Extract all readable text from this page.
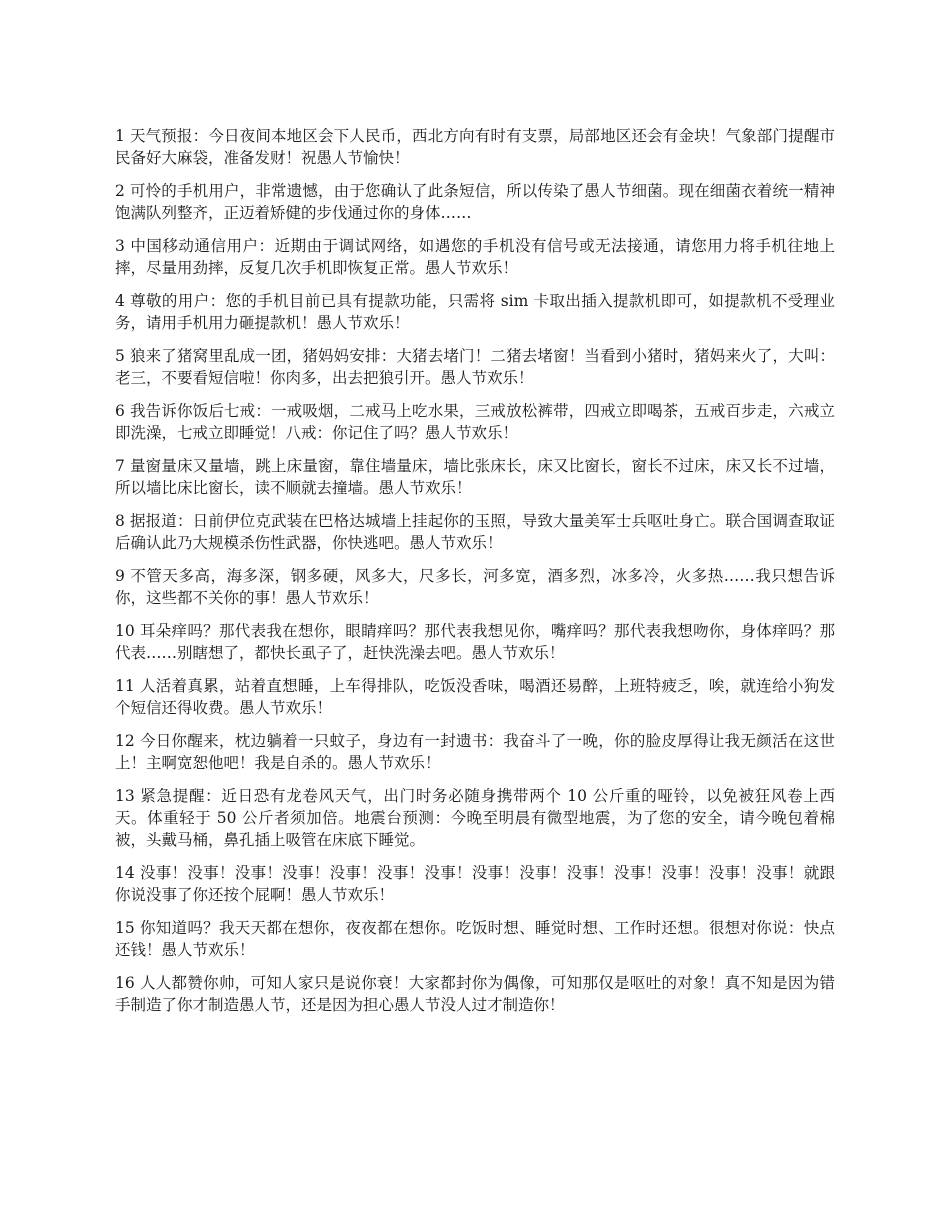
1 天气预报：今日夜间本地区会下人民币，西北方向有时有支票，局部地区还会有金块！气象部门提醒市民备好大麻袋，准备发财！祝愚人节愉快！

2 可怜的手机用户，非常遗憾，由于您确认了此条短信，所以传染了愚人节细菌。现在细菌衣着统一精神饱满队列整齐，正迈着矫健的步伐通过你的身体……

3 中国移动通信用户：近期由于调试网络，如遇您的手机没有信号或无法接通，请您用力将手机往地上摔，尽量用劲摔，反复几次手机即恢复正常。愚人节欢乐！

4 尊敬的用户：您的手机目前已具有提款功能，只需将 sim 卡取出插入提款机即可，如提款机不受理业务，请用手机用力砸提款机！愚人节欢乐！

5 狼来了猪窝里乱成一团，猪妈妈安排：大猪去堵门！二猪去堵窗！当看到小猪时，猪妈来火了，大叫：老三，不要看短信啦！你肉多，出去把狼引开。愚人节欢乐！

6 我告诉你饭后七戒：一戒吸烟，二戒马上吃水果，三戒放松裤带，四戒立即喝茶，五戒百步走，六戒立即洗澡，七戒立即睡觉！八戒：你记住了吗？愚人节欢乐！

7 量窗量床又量墙，跳上床量窗，靠住墙量床，墙比张床长，床又比窗长，窗长不过床，床又长不过墙，所以墙比床比窗长，读不顺就去撞墙。愚人节欢乐！

8 据报道：日前伊位克武装在巴格达城墙上挂起你的玉照，导致大量美军士兵呕吐身亡。联合国调查取证后确认此乃大规模杀伤性武器，你快逃吧。愚人节欢乐！

9 不管天多高，海多深，钢多硬，风多大，尺多长，河多宽，酒多烈，冰多冷，火多热……我只想告诉你，这些都不关你的事！愚人节欢乐！

10 耳朵痒吗？那代表我在想你，眼睛痒吗？那代表我想见你，嘴痒吗？那代表我想吻你，身体痒吗？那代表……别瞎想了，都快长虱子了，赶快洗澡去吧。愚人节欢乐！

11 人活着真累，站着直想睡，上车得排队，吃饭没香味，喝酒还易醉，上班特疲乏，唉，就连给小狗发个短信还得收费。愚人节欢乐！

12 今日你醒来，枕边躺着一只蚊子，身边有一封遗书：我奋斗了一晚，你的脸皮厚得让我无颜活在这世上！主啊宽恕他吧！我是自杀的。愚人节欢乐！

13 紧急提醒：近日恐有龙卷风天气，出门时务必随身携带两个 10 公斤重的哑铃，以免被狂风卷上西天。体重轻于 50 公斤者须加倍。地震台预测：今晚至明晨有微型地震，为了您的安全，请今晚包着棉被，头戴马桶，鼻孔插上吸管在床底下睡觉。

14 没事！没事！没事！没事！没事！没事！没事！没事！没事！没事！没事！没事！没事！没事！就跟你说没事了你还按个屁啊！愚人节欢乐！

15 你知道吗？我天天都在想你，夜夜都在想你。吃饭时想、睡觉时想、工作时还想。很想对你说：快点还钱！愚人节欢乐！

16 人人都赞你帅，可知人家只是说你衰！大家都封你为偶像，可知那仅是呕吐的对象！真不知是因为错手制造了你才制造愚人节，还是因为担心愚人节没人过才制造你！
